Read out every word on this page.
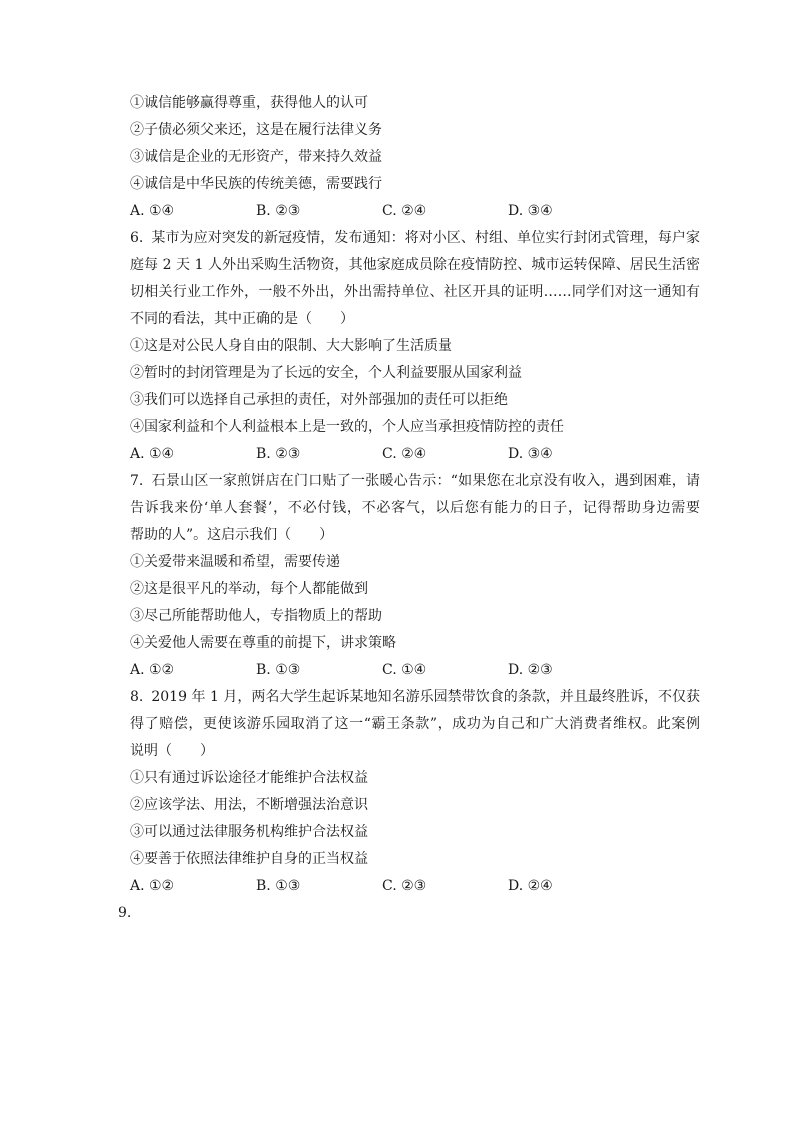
①诚信能够赢得尊重，获得他人的认可
②子债必须父来还，这是在履行法律义务
③诚信是企业的无形资产，带来持久效益
④诚信是中华民族的传统美德，需要践行
A. ①④	B. ②③	C. ②④	D. ③④
6. 某市为应对突发的新冠疫情，发布通知：将对小区、村组、单位实行封闭式管理，每户家
庭每 2 天 1 人外出采购生活物资，其他家庭成员除在疫情防控、城市运转保障、居民生活密
切相关行业工作外，一般不外出，外出需持单位、社区开具的证明……同学们对这一通知有
不同的看法，其中正确的是（　　）
①这是对公民人身自由的限制、大大影响了生活质量
②暂时的封闭管理是为了长远的安全，个人利益要服从国家利益
③我们可以选择自己承担的责任，对外部强加的责任可以拒绝
④国家利益和个人利益根本上是一致的，个人应当承担疫情防控的责任
A. ①④	B. ②③	C. ②④	D. ③④
7. 石景山区一家煎饼店在门口贴了一张暖心告示：“如果您在北京没有收入，遇到困难，请
告诉我来份‘单人套餐’，不必付钱，不必客气，以后您有能力的日子，记得帮助身边需要
帮助的人”。这启示我们（　　）
①关爱带来温暖和希望，需要传递
②这是很平凡的举动，每个人都能做到
③尽己所能帮助他人，专指物质上的帮助
④关爱他人需要在尊重的前提下，讲求策略
A. ①②	B. ①③	C. ①④	D. ②③
8. 2019 年 1 月，两名大学生起诉某地知名游乐园禁带饮食的条款，并且最终胜诉，不仅获
得了赔偿，更使该游乐园取消了这一“霸王条款”，成功为自己和广大消费者维权。此案例
说明（　　）
①只有通过诉讼途径才能维护合法权益
②应该学法、用法，不断增强法治意识
③可以通过法律服务机构维护合法权益
④要善于依照法律维护自身的正当权益
A. ①②	B. ①③	C. ②③	D. ②④
9.
